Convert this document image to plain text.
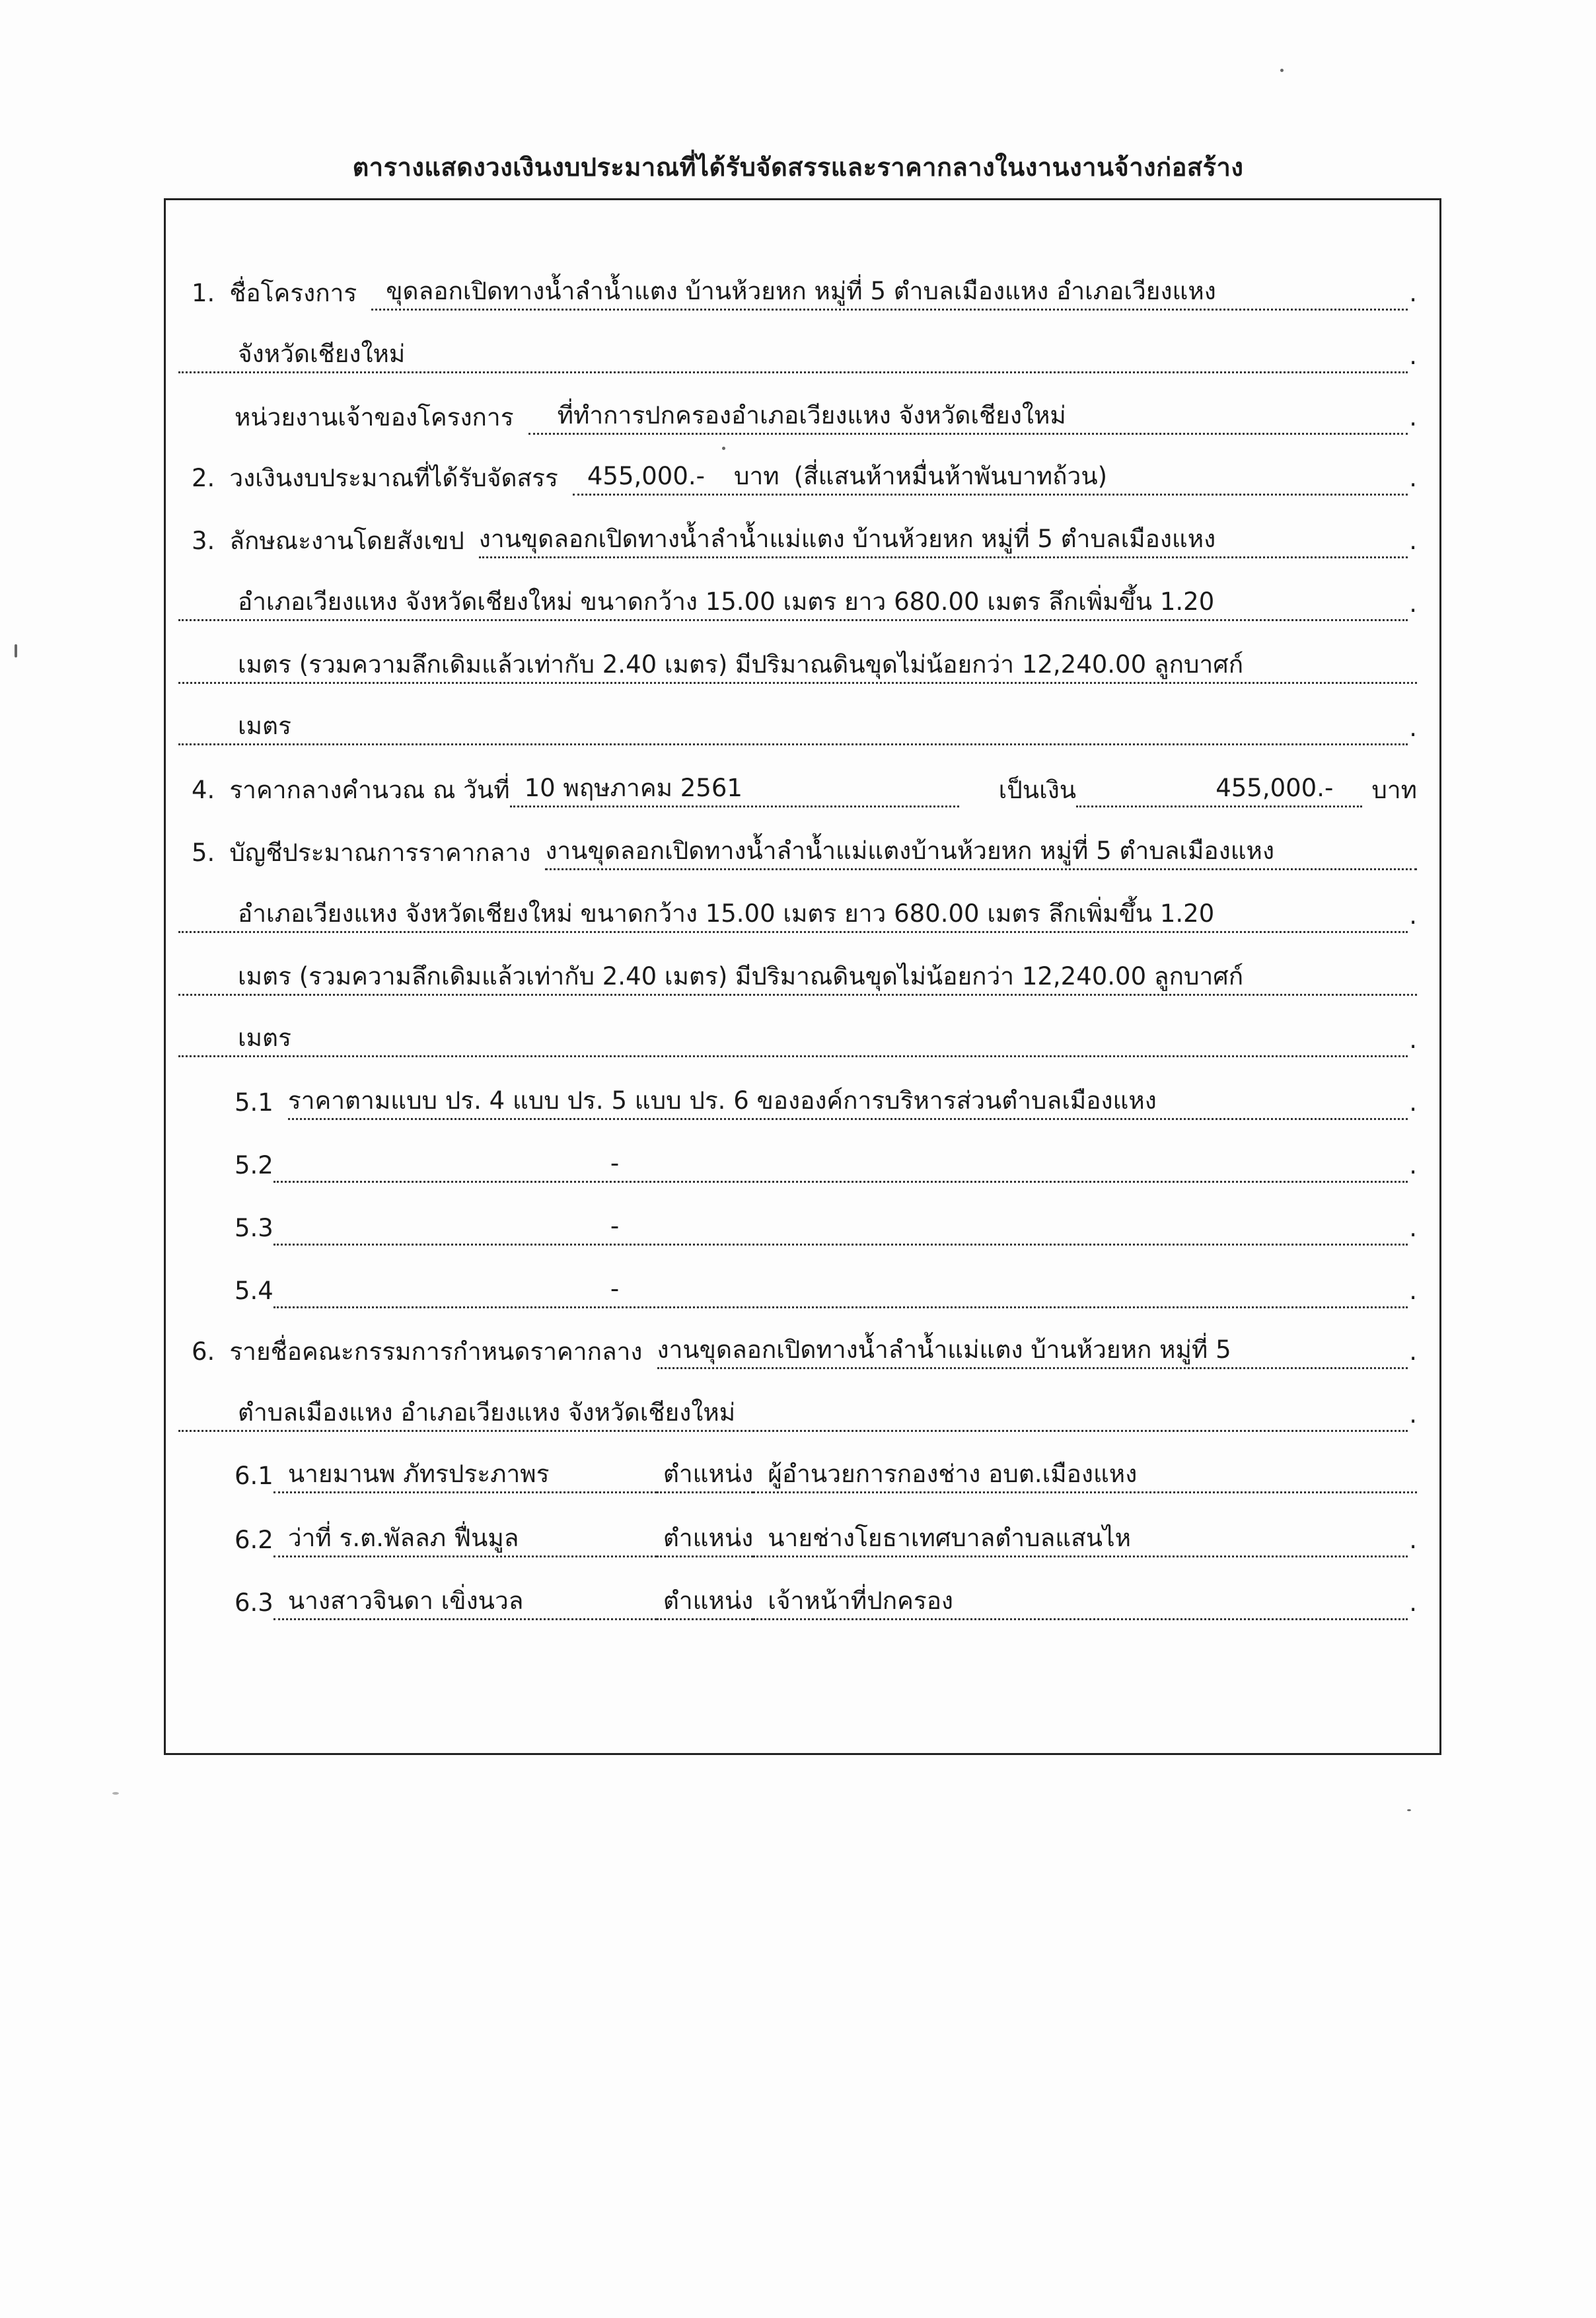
ตารางแสดงวงเงินงบประมาณที่ได้รับจัดสรรและราคากลางในงานงานจ้างก่อสร้าง
1. ชื่อโครงการ ขุดลอกเปิดทางน้ำลำน้ำแตง บ้านห้วยหก หมู่ที่ 5 ตำบลเมืองแหง อำเภอเวียงแหง	.
จังหวัดเชียงใหม่	.
หน่วยงานเจ้าของโครงการ ที่ทำการปกครองอำเภอเวียงแหง จังหวัดเชียงใหม่	.
2. วงเงินงบประมาณที่ได้รับจัดสรร 455,000.- บาท (สี่แสนห้าหมื่นห้าพันบาทถ้วน)	.
3. ลักษณะงานโดยสังเขป งานขุดลอกเปิดทางน้ำลำน้ำแม่แตง บ้านห้วยหก หมู่ที่ 5 ตำบลเมืองแหง	.
อำเภอเวียงแหง จังหวัดเชียงใหม่ ขนาดกว้าง 15.00 เมตร ยาว 680.00 เมตร ลึกเพิ่มขึ้น 1.20	.
เมตร (รวมความลึกเดิมแล้วเท่ากับ 2.40 เมตร) มีปริมาณดินขุดไม่น้อยกว่า 12,240.00 ลูกบาศก์
เมตร	.
4. ราคากลางคำนวณ ณ วันที่ 10 พฤษภาคม 2561	เป็นเงิน	455,000.- บาท
5. บัญชีประมาณการราคากลาง งานขุดลอกเปิดทางน้ำลำน้ำแม่แตงบ้านห้วยหก หมู่ที่ 5 ตำบลเมืองแหง
อำเภอเวียงแหง จังหวัดเชียงใหม่ ขนาดกว้าง 15.00 เมตร ยาว 680.00 เมตร ลึกเพิ่มขึ้น 1.20	.
เมตร (รวมความลึกเดิมแล้วเท่ากับ 2.40 เมตร) มีปริมาณดินขุดไม่น้อยกว่า 12,240.00 ลูกบาศก์
เมตร	.
5.1 ราคาตามแบบ ปร. 4 แบบ ปร. 5 แบบ ปร. 6 ขององค์การบริหารส่วนตำบลเมืองแหง	.
5.2	-	.
5.3	-	.
5.4	-	.
6. รายชื่อคณะกรรมการกำหนดราคากลาง งานขุดลอกเปิดทางน้ำลำน้ำแม่แตง บ้านห้วยหก หมู่ที่ 5	.
ตำบลเมืองแหง อำเภอเวียงแหง จังหวัดเชียงใหม่	.
6.1 นายมานพ ภัทรประภาพร	ตำแหน่ง ผู้อำนวยการกองช่าง อบต.เมืองแหง
6.2 ว่าที่ ร.ต.พัลลภ ฟื่นมูล	ตำแหน่ง นายช่างโยธาเทศบาลตำบลแสนไห	.
6.3 นางสาวจินดา เขิ่งนวล	ตำแหน่ง เจ้าหน้าที่ปกครอง	.
